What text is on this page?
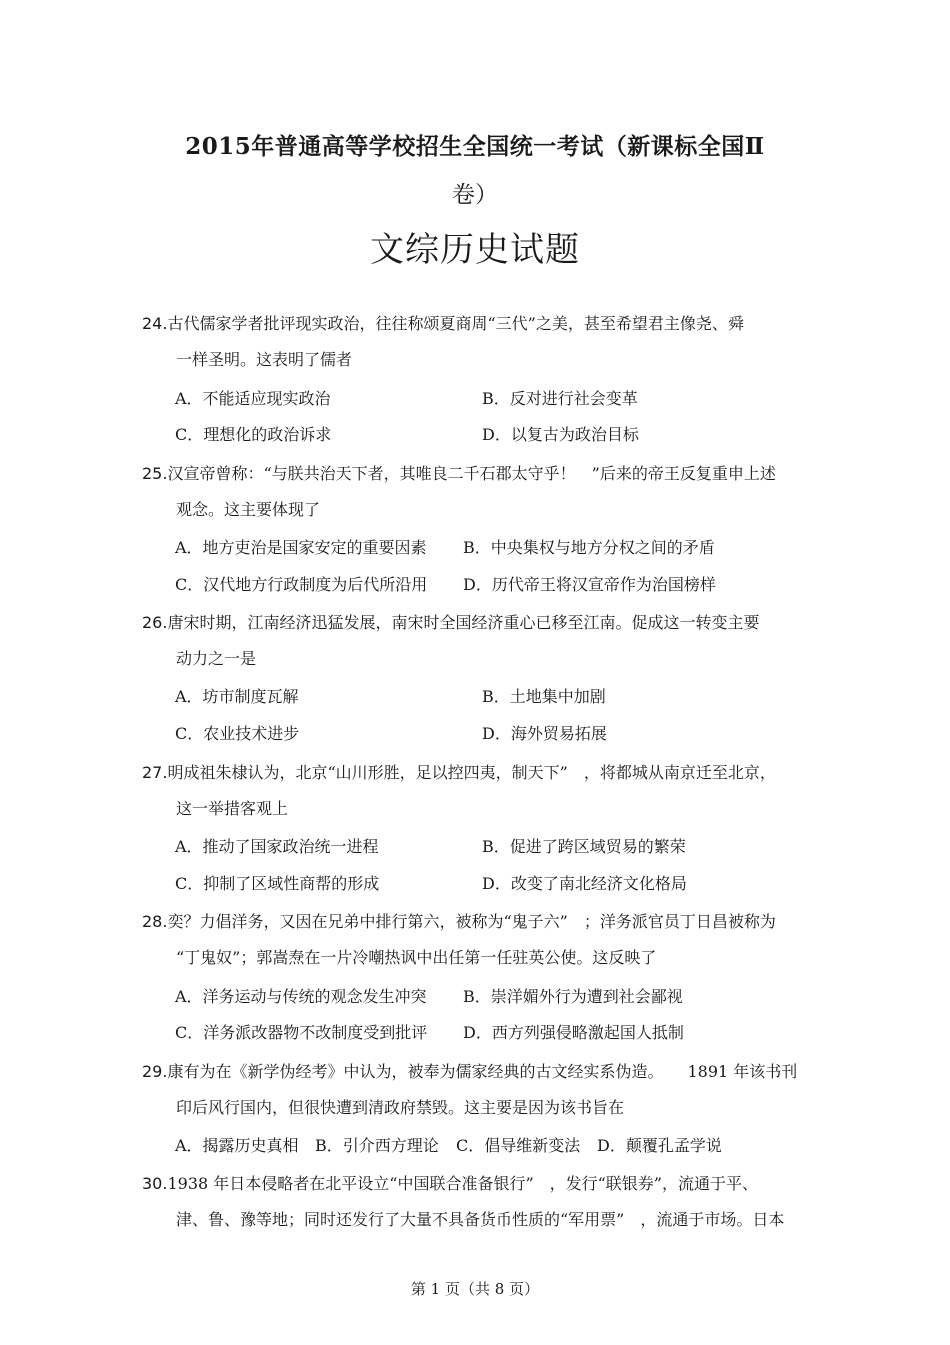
2015年普通高等学校招生全国统一考试（新课标全国Ⅱ
卷）
文综历史试题
24.古代儒家学者批评现实政治，往往称颂夏商周“三代”之美，甚至希望君主像尧、舜
一样圣明。这表明了儒者
A．不能适应现实政治	B．反对进行社会变革
C．理想化的政治诉求	D．以复古为政治目标
25.汉宣帝曾称：“与朕共治天下者，其唯良二千石郡太守乎！　”后来的帝王反复重申上述
观念。这主要体现了
A．地方吏治是国家安定的重要因素 B．中央集权与地方分权之间的矛盾
C．汉代地方行政制度为后代所沿用 D．历代帝王将汉宣帝作为治国榜样
26.唐宋时期，江南经济迅猛发展，南宋时全国经济重心已移至江南。促成这一转变主要
动力之一是
A．坊市制度瓦解	B．土地集中加剧
C．农业技术进步	D．海外贸易拓展
27.明成祖朱棣认为，北京“山川形胜，足以控四夷，制天下”　，将都城从南京迁至北京，
这一举措客观上
A．推动了国家政治统一进程	B．促进了跨区域贸易的繁荣
C．抑制了区域性商帮的形成	D．改变了南北经济文化格局
28.奕？力倡洋务，又因在兄弟中排行第六，被称为“鬼子六”　；洋务派官员丁日昌被称为
“丁鬼奴”；郭嵩焘在一片冷嘲热讽中出任第一任驻英公使。这反映了
A．洋务运动与传统的观念发生冲突 B．崇洋媚外行为遭到社会鄙视
C．洋务派改器物不改制度受到批评 D．西方列强侵略激起国人抵制
29.康有为在《新学伪经考》中认为，被奉为儒家经典的古文经实系伪造。　　1891 年该书刊
印后风行国内，但很快遭到清政府禁毁。这主要是因为该书旨在
A．揭露历史真相 B．引介西方理论 C．倡导维新变法 D．颠覆孔孟学说
30.1938 年日本侵略者在北平设立“中国联合准备银行”　，发行“联银券”，流通于平、
津、鲁、豫等地；同时还发行了大量不具备货币性质的“军用票”　，流通于市场。日本
第 1 页（共 8 页）
